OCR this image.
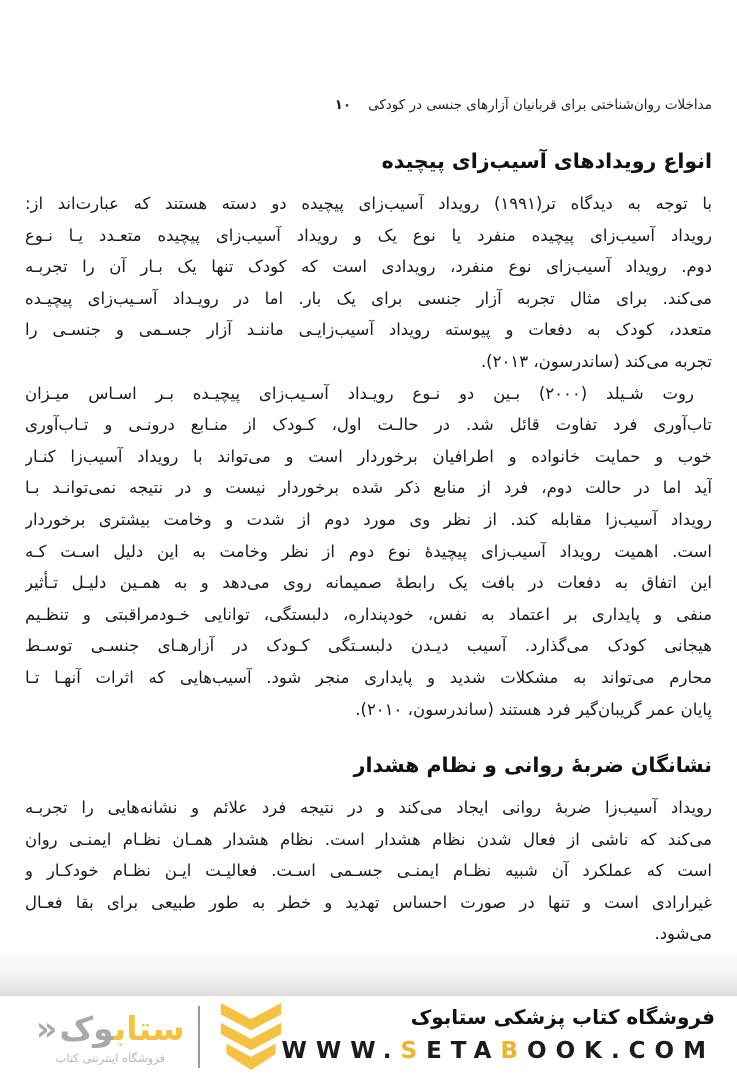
مداخلات روان‌شناختی برای قربانیان آزارهای جنسی در کودکی
۱۰
انواع رویدادهای آسیب‌زای پیچیده
با توجه به دیدگاه تر(۱۹۹۱) رویداد آسیب‌زای پیچیده دو دسته هستند که عبارت‌اند از:
رویداد آسیب‌زای پیچیده منفرد یا نوع یک و رویداد آسیب‌زای پیچیده متعـدد یـا نـوع
دوم. رویداد آسیب‌زای نوع منفرد، رویدادی است که کودک تنها یک بـار آن را تجربـه
می‌کند. برای مثال تجربه آزار جنسی برای یک بار. اما در رویـداد آسـیب‌زای پیچیـده
متعدد، کودک به دفعات و پیوسته رویداد آسیب‌زایـی ماننـد آزار جسـمی و جنسـی را
تجربه می‌کند (ساندرسون، ۲۰۱۳).
روت شـیلد (۲۰۰۰) بـین دو نـوع رویـداد آسـیب‌زای پیچیـده بـر اسـاس میـزان
تاب‌آوری فرد تفاوت قائل شد. در حالـت اول، کـودک از منـابع درونـی و تـاب‌آوری
خوب و حمایت خانواده و اطرافیان برخوردار است و می‌تواند با رویداد آسیب‌زا کنـار
آید اما در حالت دوم، فرد از منابع ذکر شده برخوردار نیست و در نتیجه نمی‌توانـد بـا
رویداد آسیب‌زا مقابله کند. از نظر وی مورد دوم از شدت و وخامت بیشتری برخوردار
است. اهمیت رویداد آسیب‌زای پیچیدهٔ نوع دوم از نظر وخامت به این دلیل اسـت کـه
این اتفاق به دفعات در بافت یک رابطهٔ صمیمانه روی می‌دهد و به همـین دلیـل تـأثیر
منفی و پایداری بر اعتماد به نفس، خودپنداره، دلبستگی، توانایی خـودمراقبتی و تنظـیم
هیجانی کودک می‌گذارد. آسیب دیـدن دلبسـتگی کـودک در آزارهـای جنسـی توسـط
محارم می‌تواند به مشکلات شدید و پایداری منجر شود. آسیب‌هایی که اثرات آنهـا تـا
پایان عمر گریبان‌گیر فرد هستند (ساندرسون، ۲۰۱۰).
نشانگان ضربهٔ روانی و نظام هشدار
رویداد آسیب‌زا ضربهٔ روانی ایجاد می‌کند و در نتیجه فرد علائم و نشانه‌هایی را تجربـه
می‌کند که ناشی از فعال شدن نظام هشدار است. نظام هشدار همـان نظـام ایمنـی روان
است که عملکرد آن شبیه نظـام ایمنـی جسـمی اسـت. فعالیـت ایـن نظـام خودکـار و
غیرارادی است و تنها در صورت احساس تهدید و خطر به طور طبیعی برای بقا فعـال
می‌شود.
ستابوک«
فروشگاه اینترنتی کتاب
فروشگاه کتاب پزشکی ستابوک
WWW.SETABOOK.COM
